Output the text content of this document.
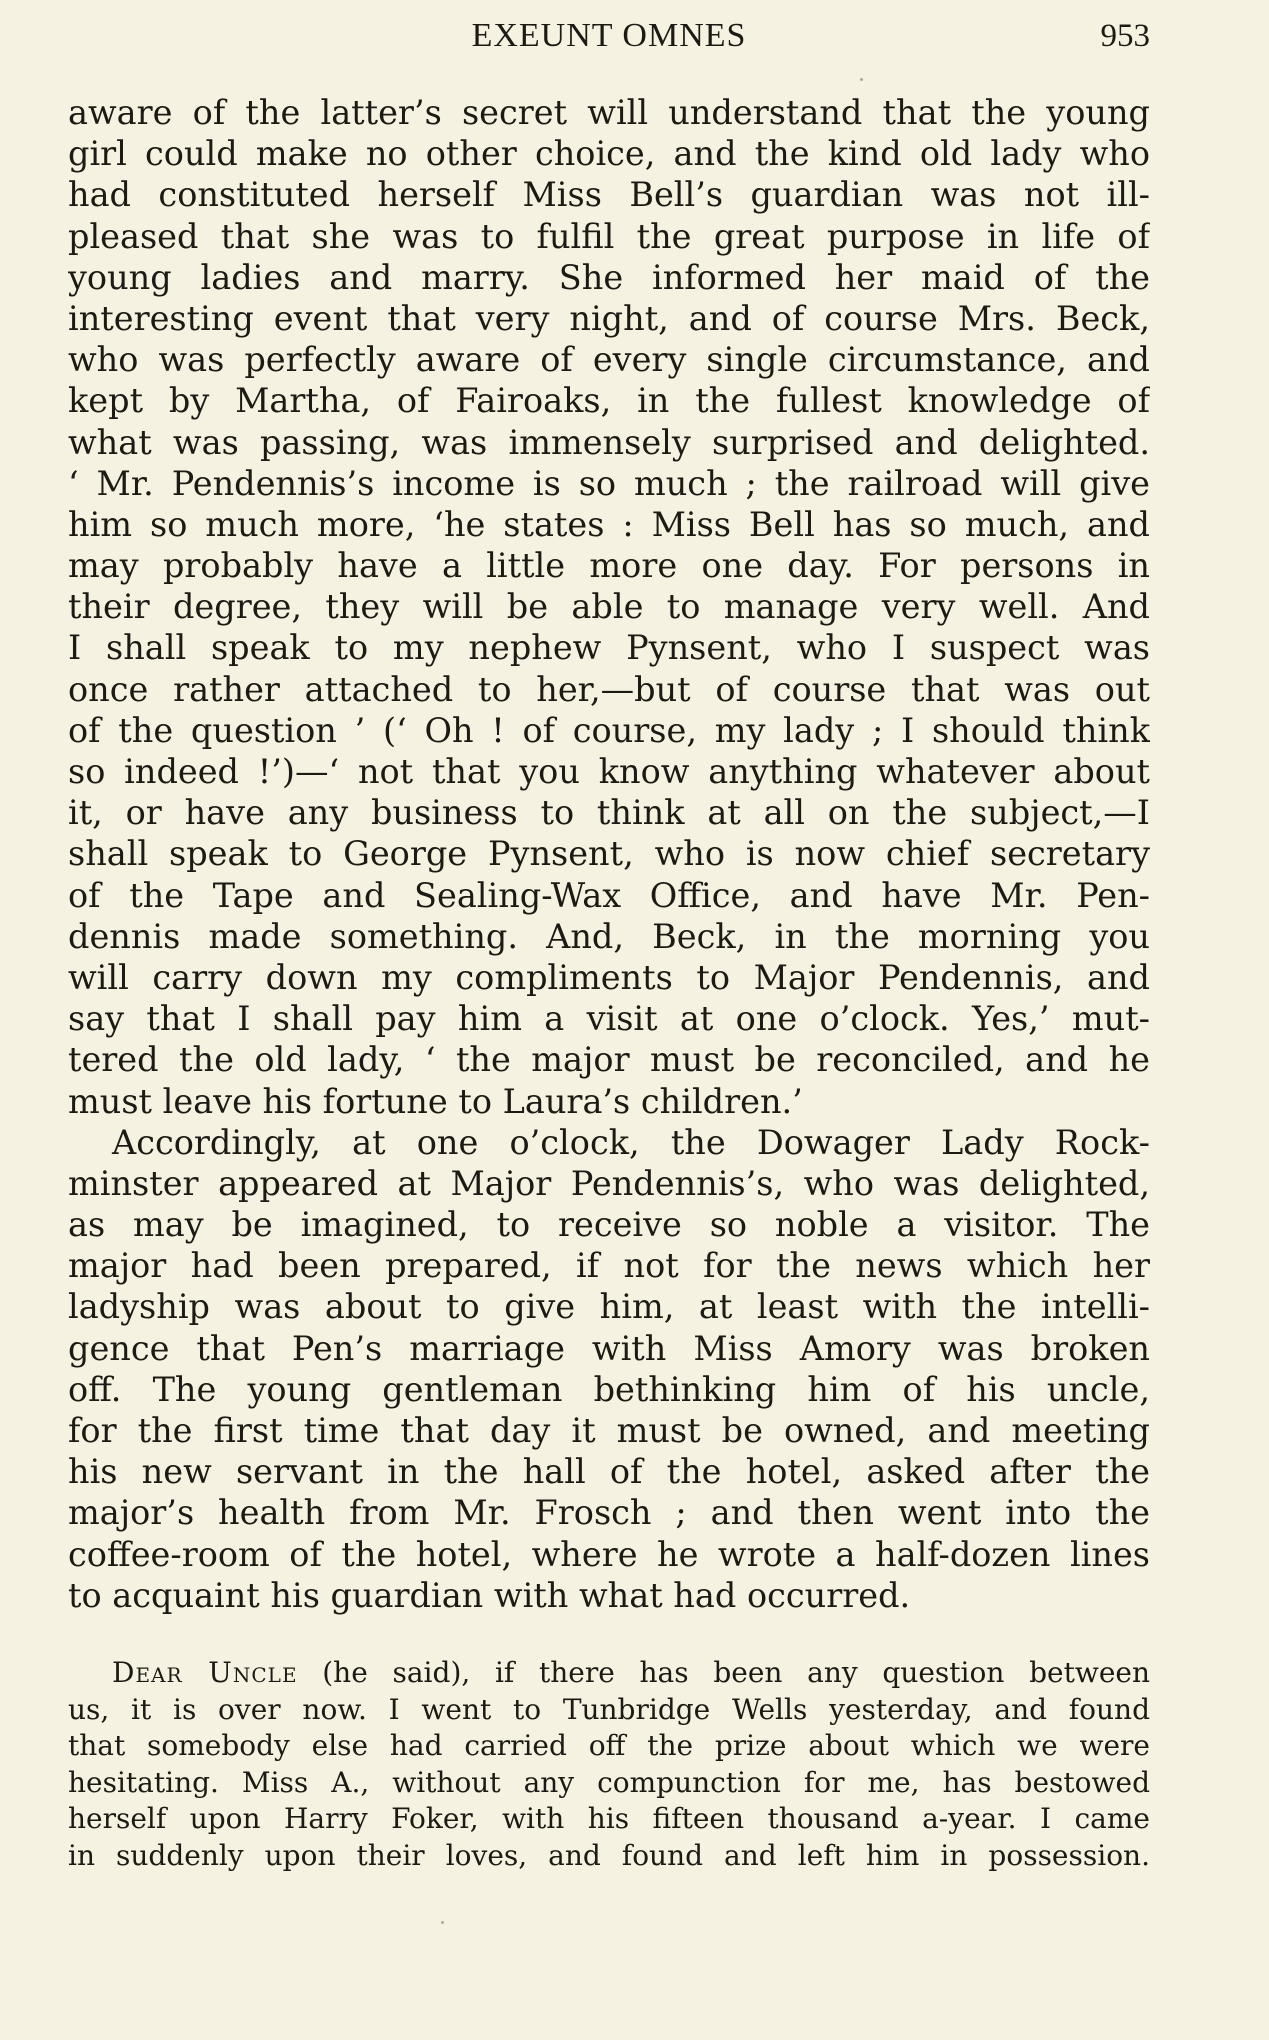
EXEUNT OMNES	953
aware of the latter’s secret will understand that the young
girl could make no other choice, and the kind old lady who
had constituted herself Miss Bell’s guardian was not ill-
pleased that she was to fulfil the great purpose in life of
young ladies and marry. She informed her maid of the
interesting event that very night, and of course Mrs. Beck,
who was perfectly aware of every single circumstance, and
kept by Martha, of Fairoaks, in the fullest knowledge of
what was passing, was immensely surprised and delighted.
‘ Mr. Pendennis’s income is so much ; the railroad will give
him so much more, ‘he states : Miss Bell has so much, and
may probably have a little more one day. For persons in
their degree, they will be able to manage very well. And
I shall speak to my nephew Pynsent, who I suspect was
once rather attached to her,—but of course that was out
of the question ’ (‘ Oh ! of course, my lady ; I should think
so indeed !’)—‘ not that you know anything whatever about
it, or have any business to think at all on the subject,—I
shall speak to George Pynsent, who is now chief secretary
of the Tape and Sealing-Wax Office, and have Mr. Pen-
dennis made something. And, Beck, in the morning you
will carry down my compliments to Major Pendennis, and
say that I shall pay him a visit at one o’clock. Yes,’ mut-
tered the old lady, ‘ the major must be reconciled, and he
must leave his fortune to Laura’s children.’
Accordingly, at one o’clock, the Dowager Lady Rock-
minster appeared at Major Pendennis’s, who was delighted,
as may be imagined, to receive so noble a visitor. The
major had been prepared, if not for the news which her
ladyship was about to give him, at least with the intelli-
gence that Pen’s marriage with Miss Amory was broken
off. The young gentleman bethinking him of his uncle,
for the first time that day it must be owned, and meeting
his new servant in the hall of the hotel, asked after the
major’s health from Mr. Frosch ; and then went into the
coffee-room of the hotel, where he wrote a half-dozen lines
to acquaint his guardian with what had occurred.
Dear Uncle (he said), if there has been any question between
us, it is over now. I went to Tunbridge Wells yesterday, and found
that somebody else had carried off the prize about which we were
hesitating. Miss A., without any compunction for me, has bestowed
herself upon Harry Foker, with his fifteen thousand a-year. I came
in suddenly upon their loves, and found and left him in possession.
